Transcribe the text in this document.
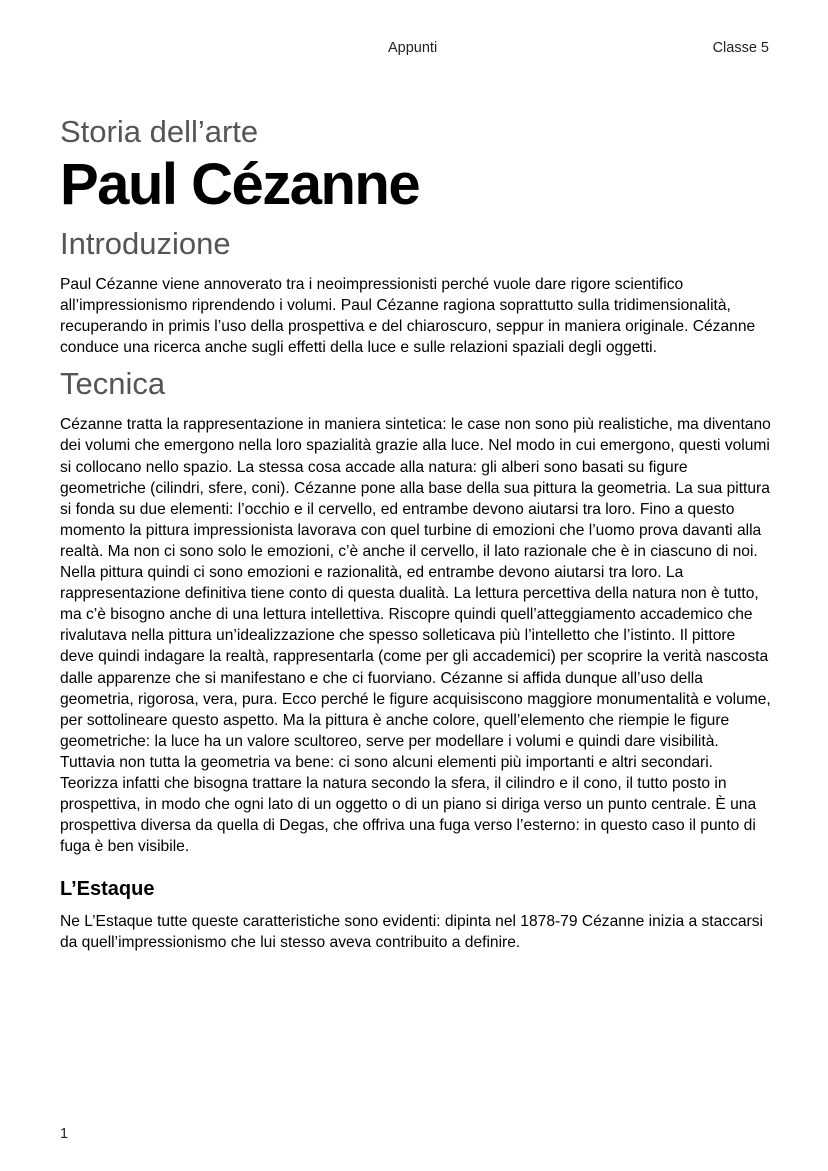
Appunti	Classe 5
Storia dell’arte
Paul Cézanne
Introduzione

Paul Cézanne viene annoverato tra i neoimpressionisti perché vuole dare rigore scientifico all’impressionismo riprendendo i volumi. Paul Cézanne ragiona soprattutto sulla tridimensionalità, recuperando in primis l’uso della prospettiva e del chiaroscuro, seppur in maniera originale. Cézanne conduce una ricerca anche sugli effetti della luce e sulle relazioni spaziali degli oggetti.

Tecnica

Cézanne tratta la rappresentazione in maniera sintetica: le case non sono più realistiche, ma diventano dei volumi che emergono nella loro spazialità grazie alla luce. Nel modo in cui emergono, questi volumi si collocano nello spazio. La stessa cosa accade alla natura: gli alberi sono basati su figure geometriche (cilindri, sfere, coni). Cézanne pone alla base della sua pittura la geometria. La sua pittura si fonda su due elementi: l’occhio e il cervello, ed entrambe devono aiutarsi tra loro. Fino a questo momento la pittura impressionista lavorava con quel turbine di emozioni che l’uomo prova davanti alla realtà. Ma non ci sono solo le emozioni, c’è anche il cervello, il lato razionale che è in ciascuno di noi. Nella pittura quindi ci sono emozioni e razionalità, ed entrambe devono aiutarsi tra loro. La rappresentazione definitiva tiene conto di questa dualità. La lettura percettiva della natura non è tutto, ma c’è bisogno anche di una lettura intellettiva. Riscopre quindi quell’atteggiamento accademico che rivalutava nella pittura un’idealizzazione che spesso solleticava più l’intelletto che l’istinto. Il pittore deve quindi indagare la realtà, rappresentarla (come per gli accademici) per scoprire la verità nascosta dalle apparenze che si manifestano e che ci fuorviano. Cézanne si affida dunque all’uso della geometria, rigorosa, vera, pura. Ecco perché le figure acquisiscono maggiore monumentalità e volume, per sottolineare questo aspetto. Ma la pittura è anche colore, quell’elemento che riempie le figure geometriche: la luce ha un valore scultoreo, serve per modellare i volumi e quindi dare visibilità. Tuttavia non tutta la geometria va bene: ci sono alcuni elementi più importanti e altri secondari. Teorizza infatti che bisogna trattare la natura secondo la sfera, il cilindro e il cono, il tutto posto in prospettiva, in modo che ogni lato di un oggetto o di un piano si diriga verso un punto centrale. È una prospettiva diversa da quella di Degas, che offriva una fuga verso l’esterno: in questo caso il punto di fuga è ben visibile.

L’Estaque

Ne L’Estaque tutte queste caratteristiche sono evidenti: dipinta nel 1878-79 Cézanne inizia a staccarsi da quell’impressionismo che lui stesso aveva contribuito a definire.

1
